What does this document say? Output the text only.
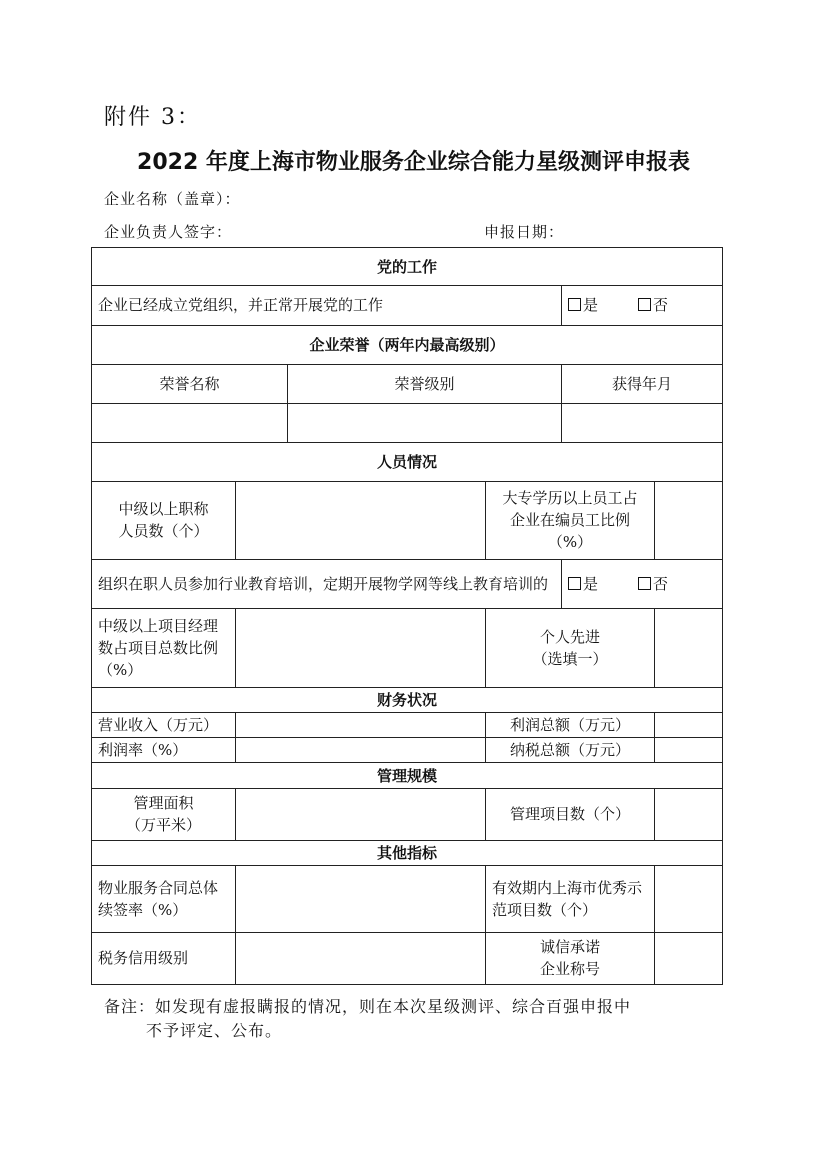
附件 3：
2022 年度上海市物业服务企业综合能力星级测评申报表
企业名称（盖章）：
企业负责人签字：	申报日期：
党的工作					
企业已经成立党组织，并正常开展党的工作				是 否	
企业荣誉（两年内最高级别）					
荣誉名称		荣誉级别		获得年月	

人员情况					
中级以上职称
人员数（个）			大专学历以上员工占
企业在编员工比例
（%）		
组织在职人员参加行业教育培训，定期开展物学网等线上教育培训的				是 否	
中级以上项目经理数占项目总数比例（%）			个人先进
（选填一）		
财务状况					
营业收入（万元）			利润总额（万元）		
利润率（%）			纳税总额（万元）		
管理规模					
管理面积
（万平米）			管理项目数（个）		
其他指标					
物业服务合同总体续签率（%）			有效期内上海市优秀示范项目数（个）		
税务信用级别			诚信承诺
企业称号		
备注：如发现有虚报瞒报的情况，则在本次星级测评、综合百强申报中
不予评定、公布。
